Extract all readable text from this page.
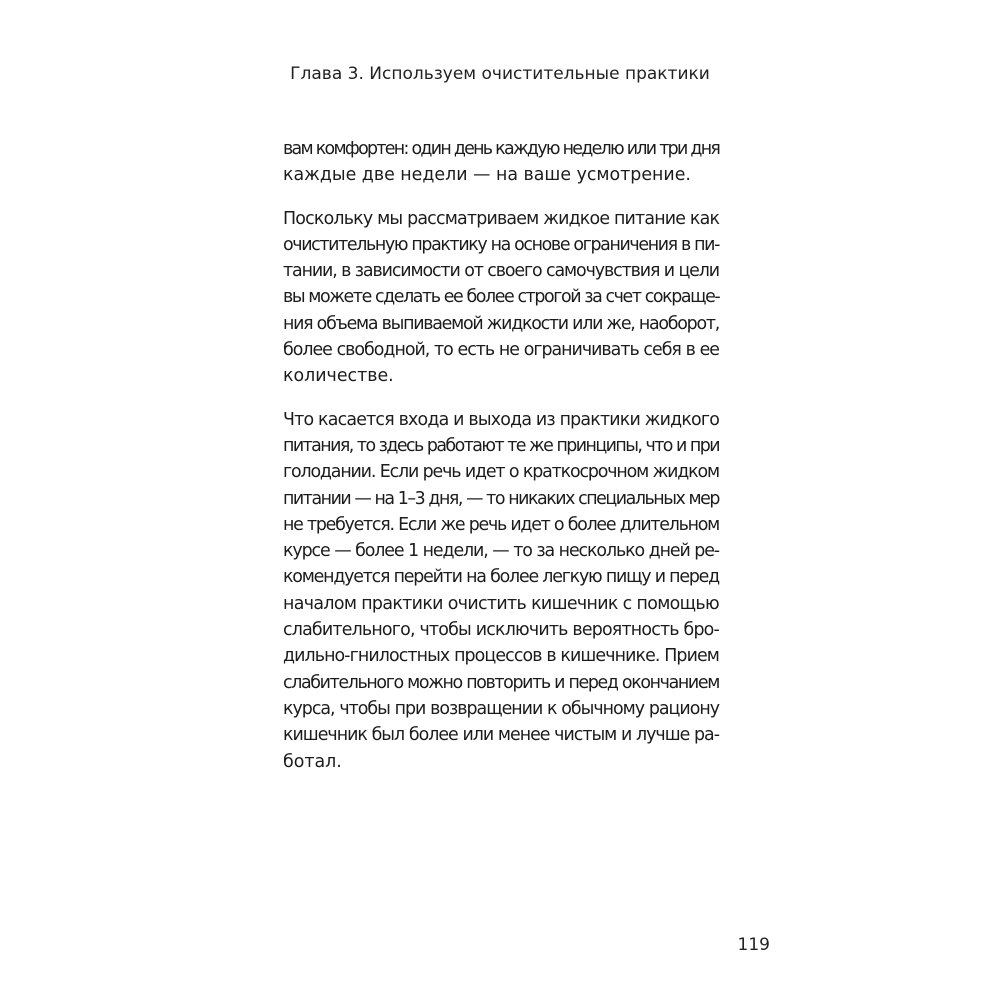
Глава 3. Используем очистительные практики

вам комфортен: один день каждую неделю или три дня
каждые две недели — на ваше усмотрение.

Поскольку мы рассматриваем жидкое питание как
очистительную практику на основе ограничения в пи-
тании, в зависимости от своего самочувствия и цели
вы можете сделать ее более строгой за счет сокраще-
ния объема выпиваемой жидкости или же, наоборот,
более свободной, то есть не ограничивать себя в ее
количестве.

Что касается входа и выхода из практики жидкого
питания, то здесь работают те же принципы, что и при
голодании. Если речь идет о краткосрочном жидком
питании — на 1–3 дня, — то никаких специальных мер
не требуется. Если же речь идет о более длительном
курсе — более 1 недели, — то за несколько дней ре-
комендуется перейти на более легкую пищу и перед
началом практики очистить кишечник с помощью
слабительного, чтобы исключить вероятность бро-
дильно-гнилостных процессов в кишечнике. Прием
слабительного можно повторить и перед окончанием
курса, чтобы при возвращении к обычному рациону
кишечник был более или менее чистым и лучше ра-
ботал.

119
